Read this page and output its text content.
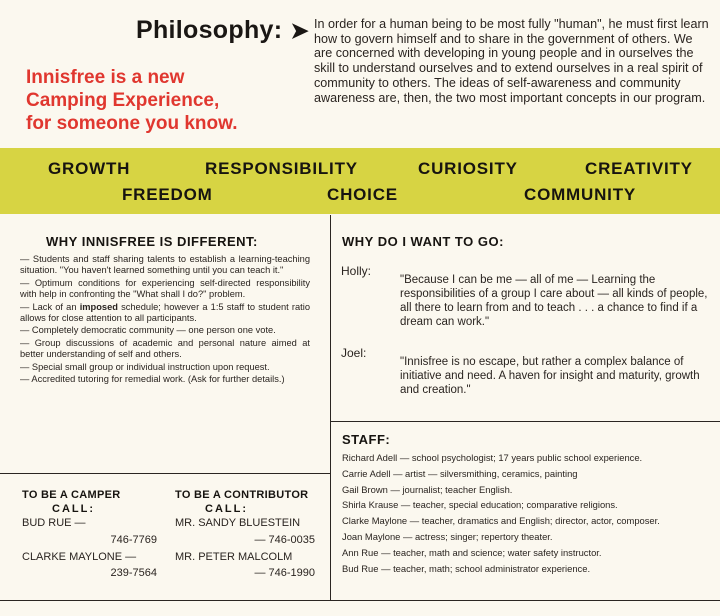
Philosophy: ➤
Innisfree is a new
Camping Experience,
for someone you know.
In order for a human being to be most fully "human", he must first learn how to govern himself and to share in the government of others. We are concerned with developing in young people and in ourselves the skill to understand ourselves and to extend ourselves in a real spirit of community to others. The ideas of self-awareness and community awareness are, then, the two most important concepts in our program.
GROWTH	RESPONSIBILITY	CURIOSITY	CREATIVITY
FREEDOM	CHOICE	COMMUNITY
WHY INNISFREE IS DIFFERENT:

— Students and staff sharing talents to establish a learning-teaching situation. "You haven't learned something until you can teach it."

— Optimum conditions for experiencing self-directed responsibility with help in confronting the "What shall I do?" problem.

— Lack of an imposed schedule; however a 1:5 staff to student ratio allows for close attention to all participants.

— Completely democratic community — one person one vote.

— Group discussions of academic and personal nature aimed at better understanding of self and others.

— Special small group or individual instruction upon request.

— Accredited tutoring for remedial work. (Ask for further details.)

WHY DO I WANT TO GO:
Holly:
"Because I can be me — all of me — Learning the responsibilities of a group I care about — all kinds of people, all there to learn from and to teach . . . a chance to find if a dream can work."
Joel:
"Innisfree is no escape, but rather a complex balance of initiative and need. A haven for insight and maturity, growth and creation."
STAFF:
Richard Adell — school psychologist; 17 years public school experience.
Carrie Adell — artist — silversmithing, ceramics, painting
Gail Brown — journalist; teacher English.
Shirla Krause — teacher, special education; comparative religions.
Clarke Maylone — teacher, dramatics and English; director, actor, composer.
Joan Maylone — actress; singer; repertory theater.
Ann Rue — teacher, math and science; water safety instructor.
Bud Rue — teacher, math; school administrator experience.
TO BE A CAMPER
CALL:
BUD RUE —
746-7769
CLARKE MAYLONE —
239-7564
TO BE A CONTRIBUTOR
CALL:
MR. SANDY BLUESTEIN
— 746-0035
MR. PETER MALCOLM
— 746-1990
